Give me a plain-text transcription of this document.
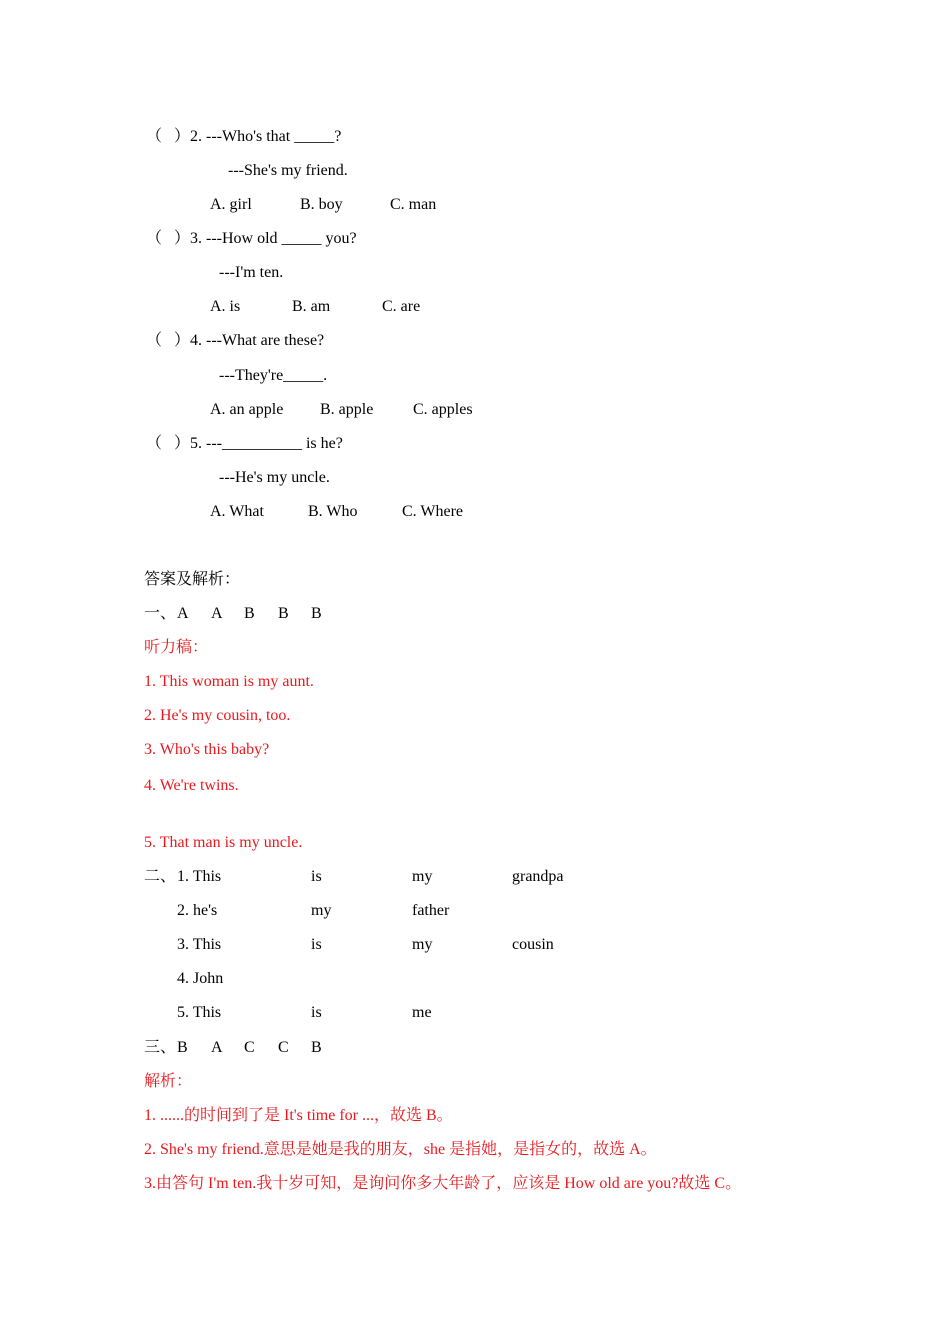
（   ）2. ---Who's that _____?
---She's my friend.
A. girl	B. boy	C. man
（   ）3. ---How old _____ you?
---I'm ten.
A. is	B. am	C. are
（   ）4. ---What are these?
---They're_____.
A. an apple B. apple C. apples
（   ）5. ---__________ is he?
---He's my uncle.
A. What	B. Who	C. Where
答案及解析：
一、 A A B B B
听力稿：
1. This woman is my aunt.
2. He's my cousin, too.
3. Who's this baby?
4. We're twins.
5. That man is my uncle.
二、 1. This	is	my	grandpa
2. he's	my	father
3. This	is	my	cousin
4. John
5. This	is	me
三、 B A C C B
解析：
1. ......的时间到了是 It's time for ...，故选 B。
2. She's my friend.意思是她是我的朋友，she 是指她，是指女的，故选 A。
3.由答句 I'm ten.我十岁可知，是询问你多大年龄了，应该是 How old are you?故选 C。
